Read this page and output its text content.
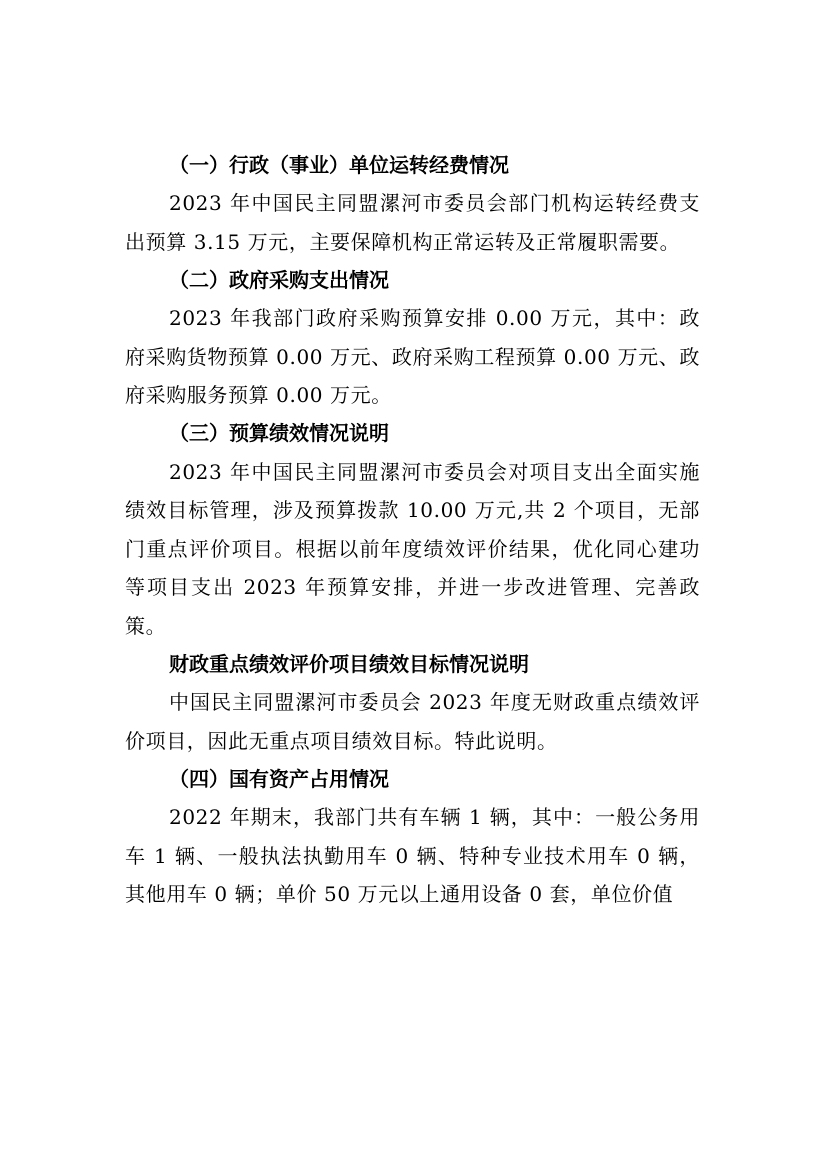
（一）行政（事业）单位运转经费情况

2023 年中国民主同盟漯河市委员会部门机构运转经费支出预算 3.15 万元，主要保障机构正常运转及正常履职需要。

（二）政府采购支出情况

2023 年我部门政府采购预算安排 0.00 万元，其中：政府采购货物预算 0.00 万元、政府采购工程预算 0.00 万元、政府采购服务预算 0.00 万元。

（三）预算绩效情况说明

2023 年中国民主同盟漯河市委员会对项目支出全面实施绩效目标管理，涉及预算拨款 10.00 万元,共 2 个项目，无部门重点评价项目。根据以前年度绩效评价结果，优化同心建功等项目支出 2023 年预算安排，并进一步改进管理、完善政策。

财政重点绩效评价项目绩效目标情况说明

中国民主同盟漯河市委员会 2023 年度无财政重点绩效评价项目，因此无重点项目绩效目标。特此说明。

（四）国有资产占用情况

2022 年期末，我部门共有车辆 1 辆，其中：一般公务用车 1 辆、一般执法执勤用车 0 辆、特种专业技术用车 0 辆，其他用车 0 辆；单价 50 万元以上通用设备 0 套，单位价值
